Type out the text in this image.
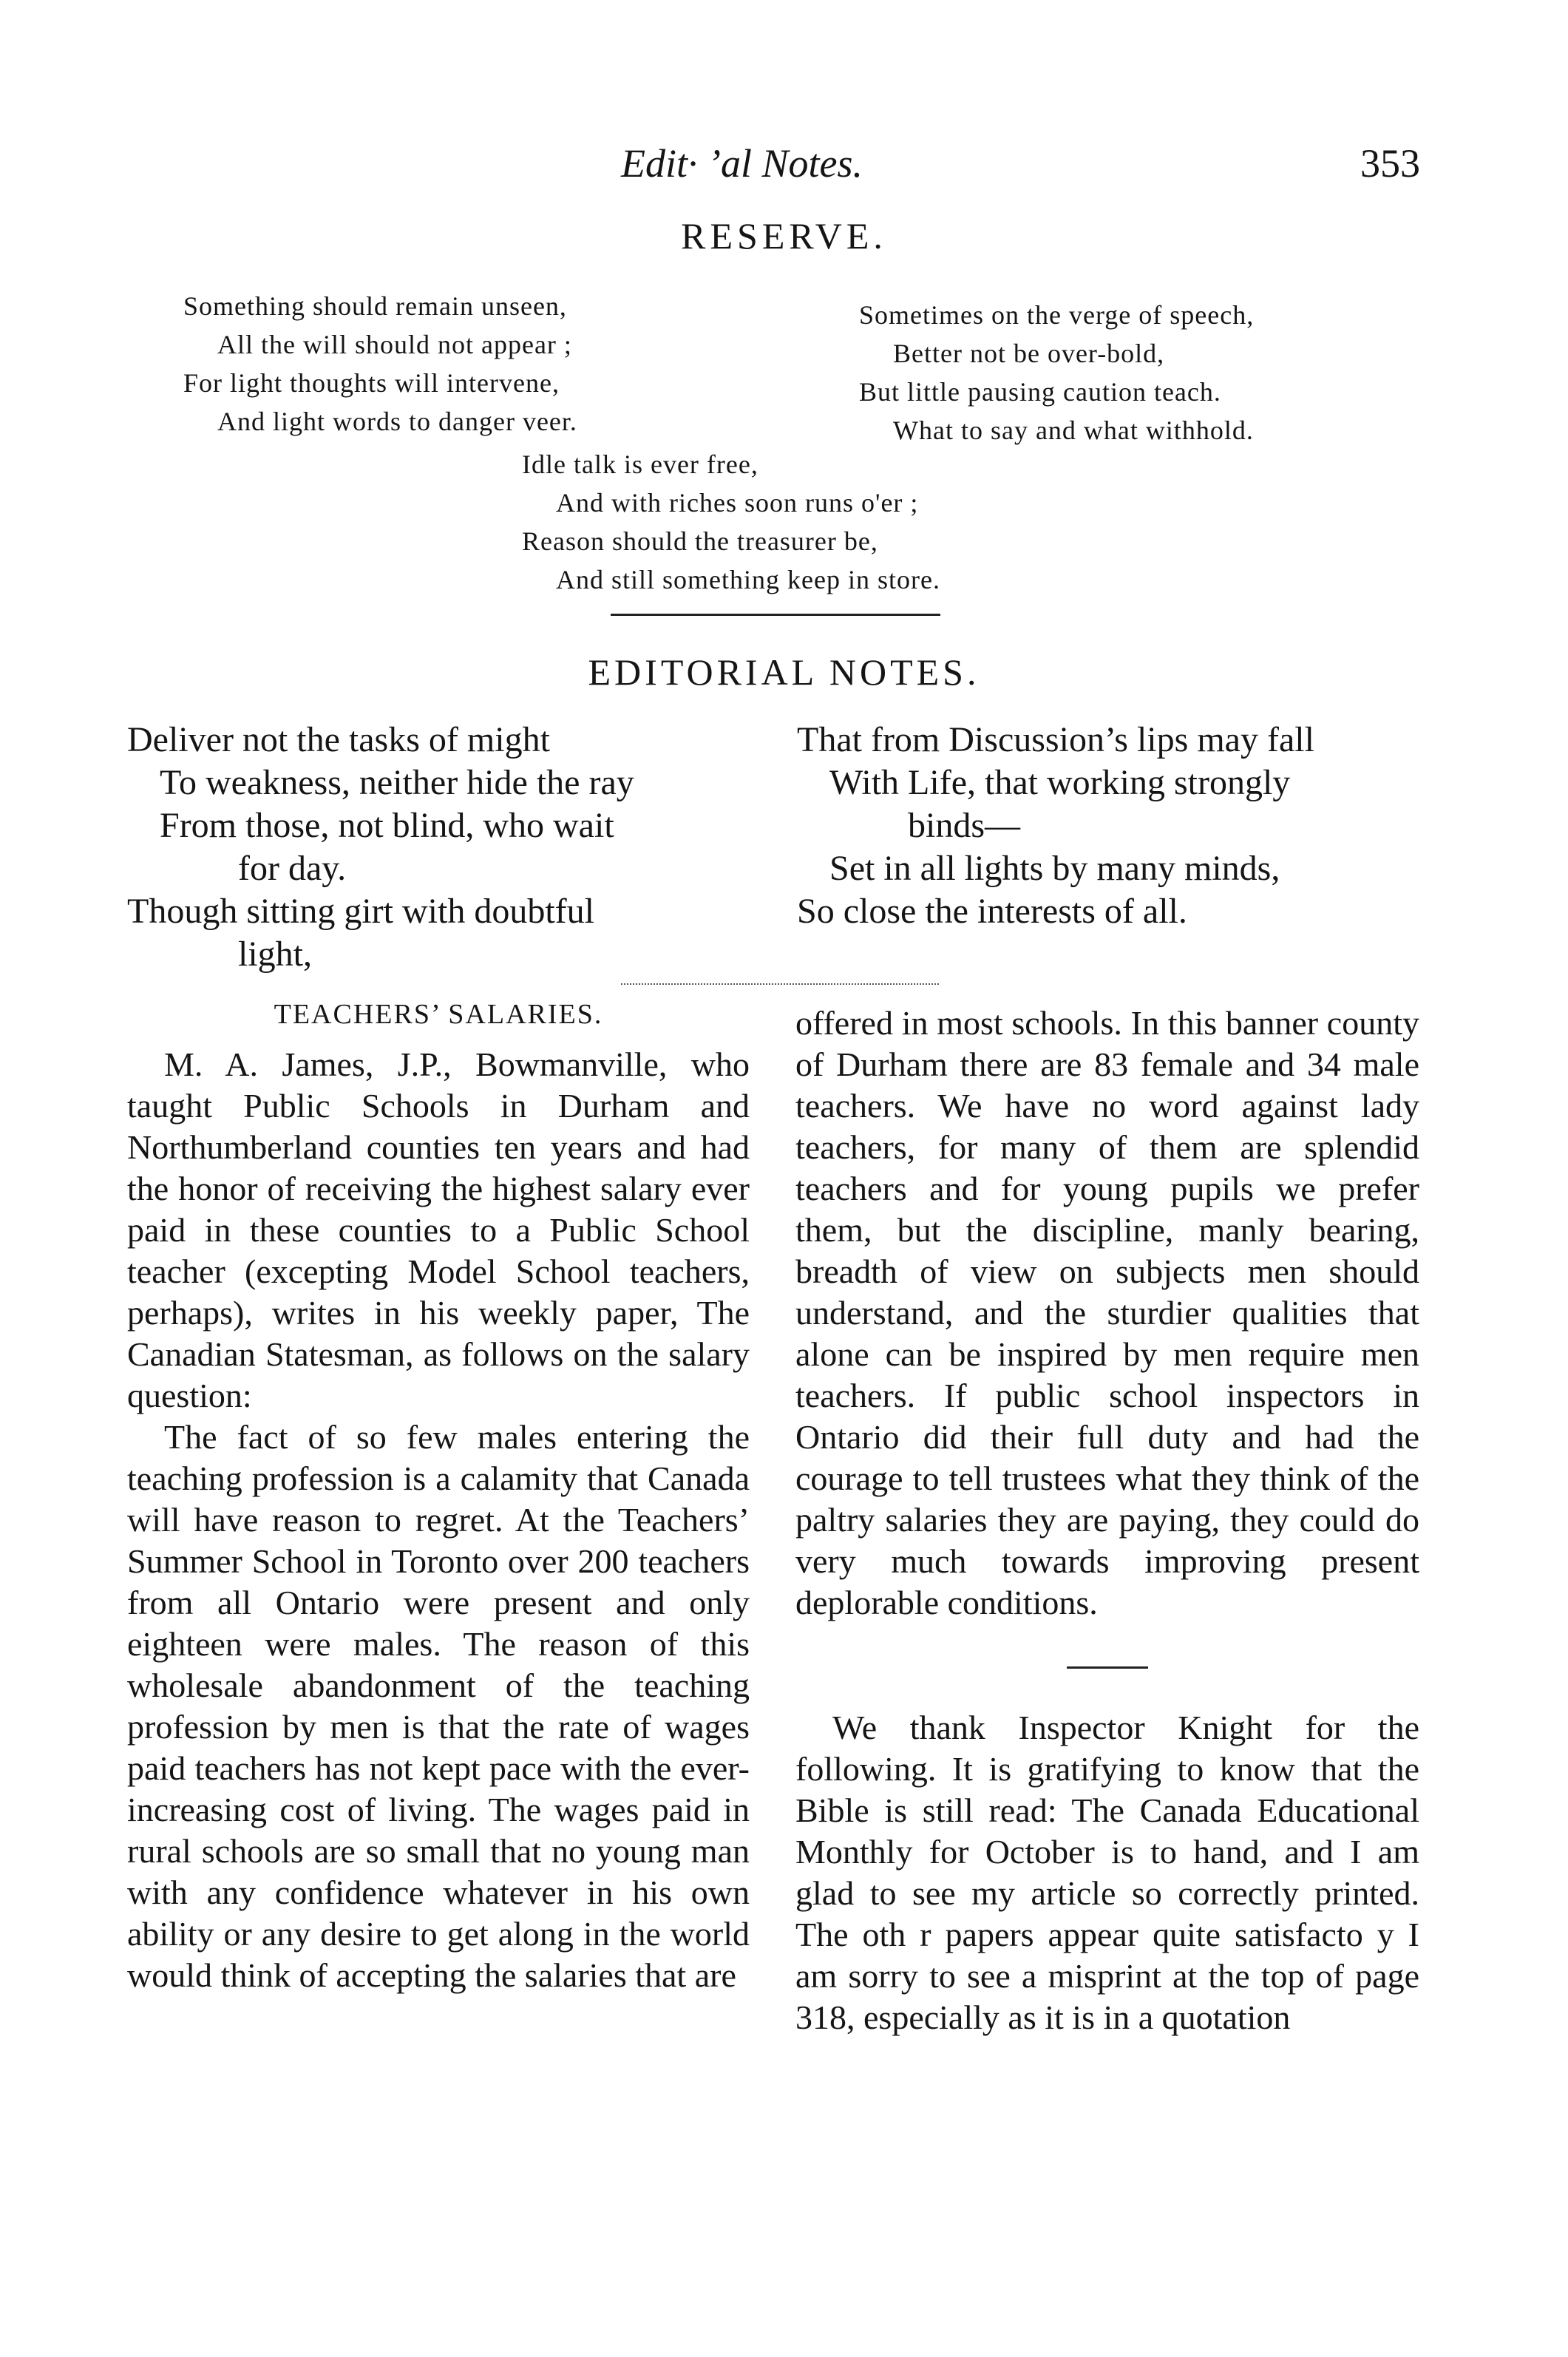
Edit· ’al Notes.	353
RESERVE.
Something should remain unseen,
All the will should not appear ;
For light thoughts will intervene,
And light words to danger veer.
Sometimes on the verge of speech,
Better not be over-bold,
But little pausing caution teach.
What to say and what withhold.
Idle talk is ever free,
And with riches soon runs o'er ;
Reason should the treasurer be,
And still something keep in store.
EDITORIAL NOTES.
Deliver not the tasks of might
To weakness, neither hide the ray
From those, not blind, who wait
for day.
Though sitting girt with doubtful
light,
That from Discussion’s lips may fall
With Life, that working strongly
binds—
Set in all lights by many minds,
So close the interests of all.
TEACHERS’ SALARIES.

M. A. James, J.P., Bowmanville, who taught Public Schools in Durham and Northumberland counties ten years and had the honor of receiving the highest salary ever paid in these counties to a Public School teacher (excepting Model School teachers, perhaps), writes in his weekly paper, The Canadian Statesman, as follows on the salary question:

The fact of so few males entering the teaching profession is a calamity that Canada will have reason to regret. At the Teachers’ Summer School in Toronto over 200 teachers from all Ontario were present and only eighteen were males. The reason of this wholesale abandonment of the teaching profession by men is that the rate of wages paid teachers has not kept pace with the ever-increasing cost of living. The wages paid in rural schools are so small that no young man with any confidence whatever in his own ability or any desire to get along in the world would think of accepting the salaries that are

offered in most schools. In this banner county of Durham there are 83 female and 34 male teachers. We have no word against lady teachers, for many of them are splendid teachers and for young pupils we prefer them, but the discipline, manly bearing, breadth of view on subjects men should understand, and the sturdier qualities that alone can be inspired by men require men teachers. If public school inspectors in Ontario did their full duty and had the courage to tell trustees what they think of the paltry salaries they are paying, they could do very much towards improving present deplorable conditions.

We thank Inspector Knight for the following. It is gratifying to know that the Bible is still read: The Canada Educational Monthly for October is to hand, and I am glad to see my article so correctly printed. The oth r papers appear quite satisfacto y I am sorry to see a misprint at the top of page 318, especially as it is in a quotation
